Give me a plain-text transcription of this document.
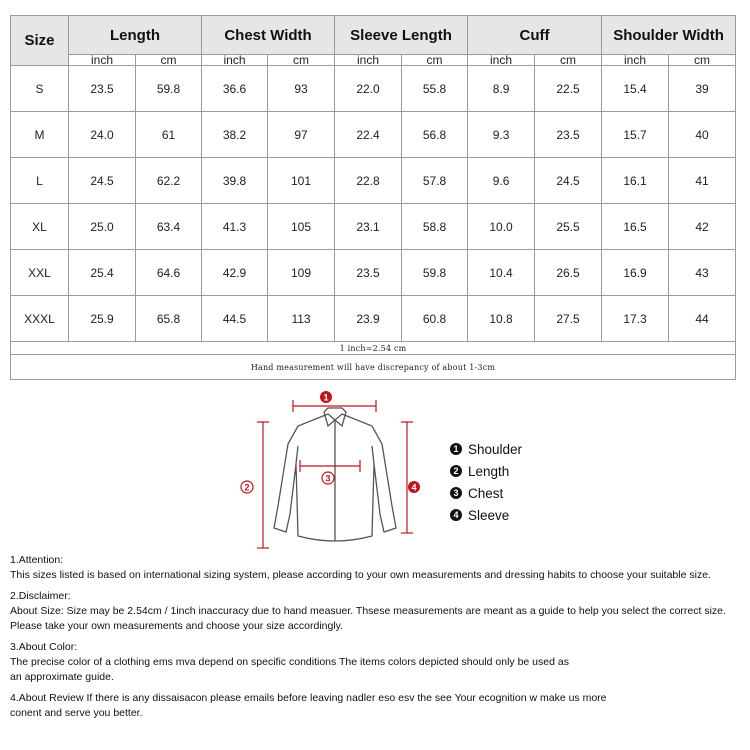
Size	Length		Chest Width		Sleeve Length		Cuff		Shoulder Width	
	inch	cm	inch	cm	inch	cm	inch	cm	inch	cm
S	23.5	59.8	36.6	93	22.0	55.8	8.9	22.5	15.4	39
M	24.0	61	38.2	97	22.4	56.8	9.3	23.5	15.7	40
L	24.5	62.2	39.8	101	22.8	57.8	9.6	24.5	16.1	41
XL	25.0	63.4	41.3	105	23.1	58.8	10.0	25.5	16.5	42
XXL	25.4	64.6	42.9	109	23.5	59.8	10.4	26.5	16.9	43
XXXL	25.9	65.8	44.5	113	23.9	60.8	10.8	27.5	17.3	44
1 inch=2.54 cm										
Hand measurement will have discrepancy of about 1-3cm										
1
2
3
4
1 Shoulder
2 Length
3 Chest
4 Sleeve
1.Attention:
This sizes listed is based on international sizing system, please according to your own measurements and dressing habits to choose your suitable size.
2.Disclaimer:
About Size: Size may be 2.54cm / 1inch inaccuracy due to hand measuer. Thsese measurements are meant as a guide to help you select the correct size.
Please take your own measurements and choose your size accordingly.
3.About Color:
The precise color of a clothing ems mva depend on specific conditions The items colors depicted should only be used as
an approximate guide.
4.About Review If there is any dissaisacon please emails before leaving nadler eso esv the see Your ecognition w make us more
conent and serve you better.
